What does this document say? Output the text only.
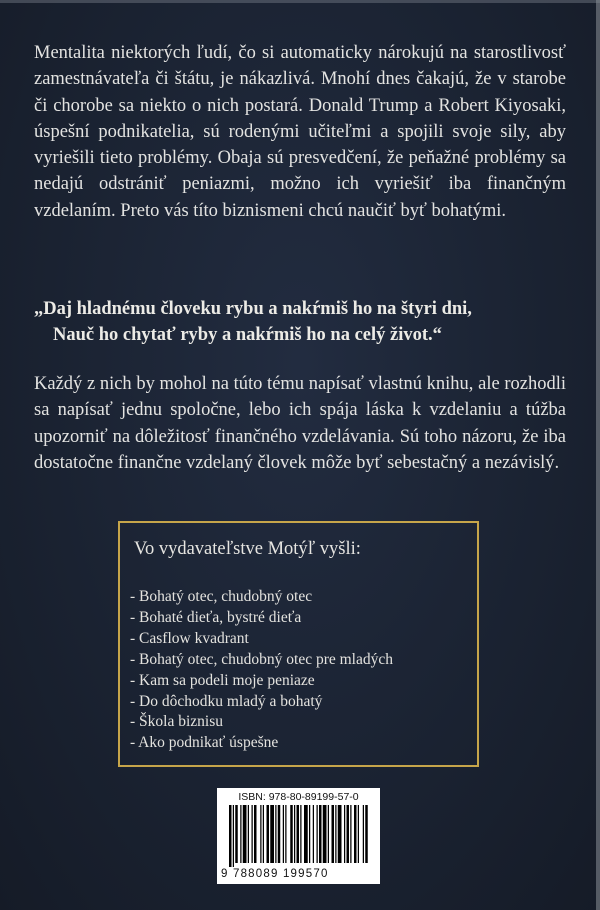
Mentalita niektorých ľudí, čo si automaticky nárokujú na starostlivosť zamestnávateľa či štátu, je nákazlivá. Mnohí dnes čakajú, že v starobe či chorobe sa niekto o nich postará. Donald Trump a Robert Kiyosaki, úspešní podnikatelia, sú rodenými učiteľmi a spojili svoje sily, aby vyriešili tieto problémy. Obaja sú presvedčení, že peňažné problémy sa nedajú odstrániť peniazmi, možno ich vyriešiť iba finančným vzdelaním. Preto vás títo biznismeni chcú naučiť byť bohatými.
„Daj hladnému človeku rybu a nakŕmiš ho na štyri dni,
Nauč ho chytať ryby a nakŕmiš ho na celý život.“
Každý z nich by mohol na túto tému napísať vlastnú knihu, ale rozhodli sa napísať jednu spoločne, lebo ich spája láska k vzdelaniu a túžba upozorniť na dôležitosť finančného vzdelávania. Sú toho názoru, že iba dostatočne finančne vzdelaný človek môže byť sebestačný a nezávislý.
Vo vydavateľstve Motýľ vyšli:
- Bohatý otec, chudobný otec
- Bohaté dieťa, bystré dieťa
- Casflow kvadrant
- Bohatý otec, chudobný otec pre mladých
- Kam sa podeli moje peniaze
- Do dôchodku mladý a bohatý
- Škola biznisu
- Ako podnikať úspešne
ISBN: 978-80-89199-57-0
9 788089 199570
